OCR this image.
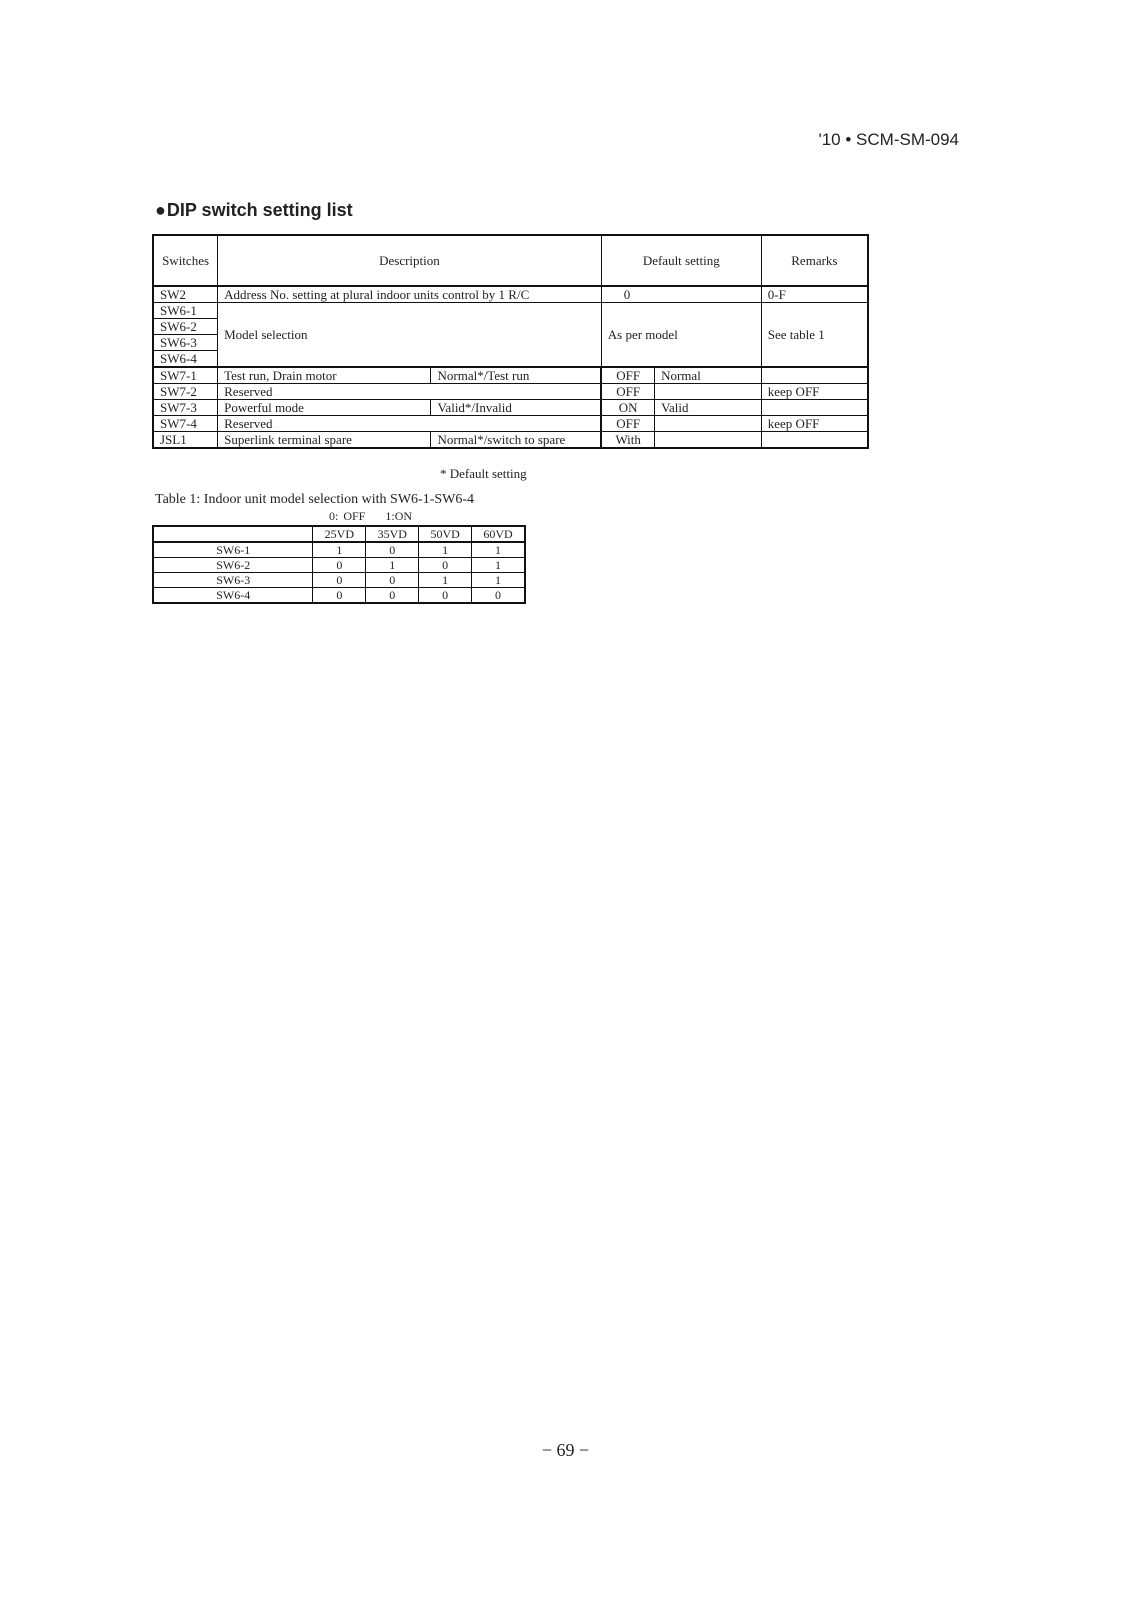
'10 • SCM-SM-094
●DIP switch setting list
Switches	Description		Default setting		Remarks
SW2	Address No. setting at plural indoor units control by 1 R/C		0		0-F
SW6-1	Model selection		As per model		See table 1
SW6-2					
SW6-3					
SW6-4					
SW7-1	Test run, Drain motor	Normal*/Test run	OFF	Normal	
SW7-2	Reserved		OFF		keep OFF
SW7-3	Powerful mode	Valid*/Invalid	ON	Valid	
SW7-4	Reserved		OFF		keep OFF
JSL1	Superlink terminal spare	Normal*/switch to spare	With		
* Default setting
Table 1: Indoor unit model selection with SW6-1-SW6-4
0: OFF 1:ON
	25VD	35VD	50VD	60VD
SW6-1	1	0	1	1
SW6-2	0	1	0	1
SW6-3	0	0	1	1
SW6-4	0	0	0	0
− 69 −
